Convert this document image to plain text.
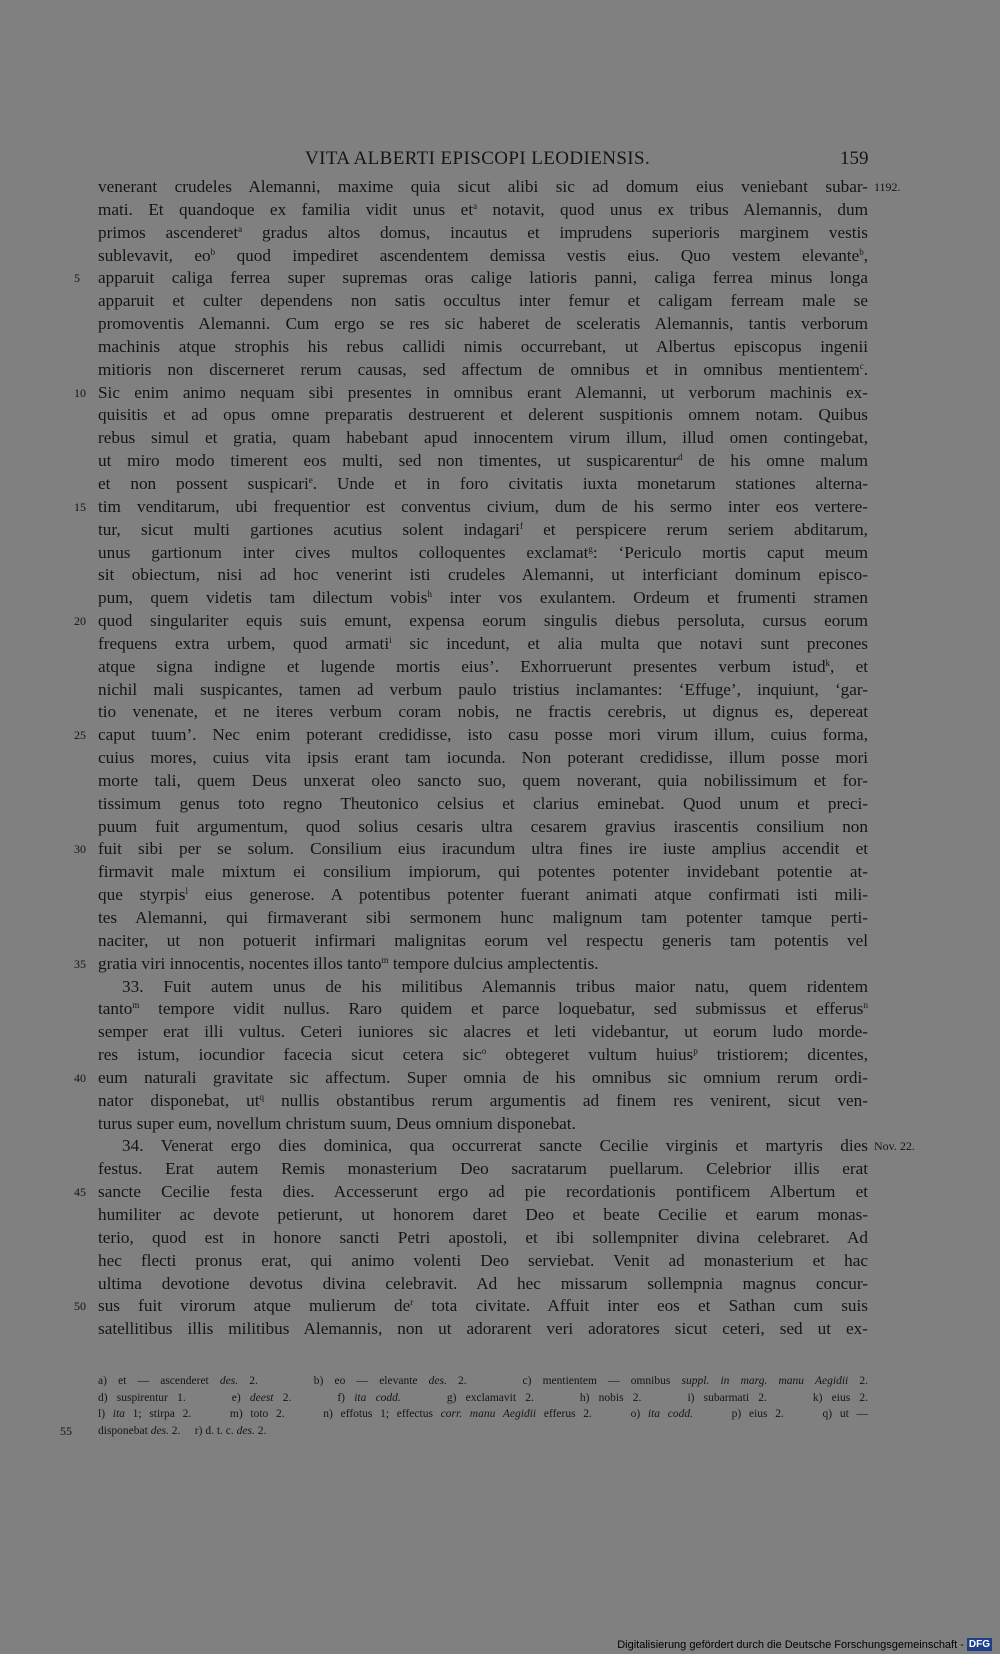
VITA ALBERTI EPISCOPI LEODIENSIS.	159
venerant crudeles Alemanni, maxime quia sicut alibi sic ad domum eius veniebant subar- 1192.
mati. Et quandoque ex familia vidit unus $et^a$ notavit, quod unus ex tribus Alemannis, dum
primos ascenderet$^a$ gradus altos domus, incautus et imprudens superioris marginem vestis
sublevavit, $eo^b$ quod impediret ascendentem demissa vestis eius. Quo vestem elevante$^b$,
5	apparuit caliga ferrea super supremas oras calige latioris panni, caliga ferrea minus longa
apparuit et culter dependens non satis occultus inter femur et caligam ferream male se
promoventis Alemanni. Cum ergo se res sic haberet de sceleratis Alemannis, tantis verborum
machinis atque strophis his rebus callidi nimis occurrebant, ut Albertus episcopus ingenii
mitioris non discerneret rerum causas, sed affectum de omnibus et in omnibus mentientem$^c$.
10 Sic enim animo nequam sibi presentes in omnibus erant Alemanni, ut verborum machinis ex-
quisitis et ad opus omne preparatis destruerent et delerent suspitionis omnem notam. Quibus
rebus simul et gratia, quam habebant apud innocentem virum illum, illud omen contingebat,
ut miro modo timerent eos multi, sed non timentes, ut suspicarentur$^d$ de his omne malum
et non possent suspicari$^e$. Unde et in foro civitatis iuxta monetarum stationes alterna-
15 tim venditarum, ubi frequentior est conventus civium, dum de his sermo inter eos vertere-
tur, sicut multi gartiones acutius solent indagari$^f$ et perspicere rerum seriem abditarum,
unus gartionum inter cives multos colloquentes exclamat$^g$: ‘Periculo mortis caput meum
sit obiectum, nisi ad hoc venerint isti crudeles Alemanni, ut interficiant dominum episco-
pum, quem videtis tam dilectum vobis$^h$ inter vos exulantem. Ordeum et frumenti stramen
20 quod singulariter equis suis emunt, expensa eorum singulis diebus persoluta, cursus eorum
frequens extra urbem, quod armati$^i$ sic incedunt, et alia multa que notavi sunt precones
atque signa indigne et lugende mortis eius’. Exhorruerunt presentes verbum istud$^k$, et
nichil mali suspicantes, tamen ad verbum paulo tristius inclamantes: ‘Effuge’, inquiunt, ‘gar-
tio venenate, et ne iteres verbum coram nobis, ne fractis cerebris, ut dignus es, depereat
25 caput tuum’. Nec enim poterant credidisse, isto casu posse mori virum illum, cuius forma,
cuius mores, cuius vita ipsis erant tam iocunda. Non poterant credidisse, illum posse mori
morte tali, quem Deus unxerat oleo sancto suo, quem noverant, quia nobilissimum et for-
tissimum genus toto regno Theutonico celsius et clarius eminebat. Quod unum et preci-
puum fuit argumentum, quod solius cesaris ultra cesarem gravius irascentis consilium non
30 fuit sibi per se solum. Consilium eius iracundum ultra fines ire iuste amplius accendit et
firmavit male mixtum ei consilium impiorum, qui potentes potenter invidebant potentie at-
que styrpis$^l$ eius generose. A potentibus potenter fuerant animati atque confirmati isti mili-
tes Alemanni, qui firmaverant sibi sermonem hunc malignum tam potenter tamque perti-
naciter, ut non potuerit infirmari malignitas eorum vel respectu generis tam potentis vel
35 gratia viri innocentis, nocentes illos tanto$^m$ tempore dulcius amplectentis.
33. Fuit autem unus de his militibus Alemannis tribus maior natu, quem ridentem
tanto$^m$ tempore vidit nullus. Raro quidem et parce loquebatur, sed submissus et efferus$^n$
semper erat illi vultus. Ceteri iuniores sic alacres et leti videbantur, ut eorum ludo morde-
res istum, iocundior facecia sicut cetera sic$^o$ obtegeret vultum huius$^p$ tristiorem; dicentes,
40 eum naturali gravitate sic affectum. Super omnia de his omnibus sic omnium rerum ordi-
nator disponebat, $ut^q$ nullis obstantibus rerum argumentis ad finem res venirent, sicut ven-
turus super eum, novellum christum suum, Deus omnium disponebat.
34. Venerat ergo dies dominica, qua occurrerat sancte Cecilie virginis et martyris dies Nov. 22.
festus. Erat autem Remis monasterium Deo sacratarum puellarum. Celebrior illis erat
45 sancte Cecilie festa dies. Accesserunt ergo ad pie recordationis pontificem Albertum et
humiliter ac devote petierunt, ut honorem daret Deo et beate Cecilie et earum monas-
terio, quod est in honore sancti Petri apostoli, et ibi sollempniter divina celebraret. Ad
hec flecti pronus erat, qui animo volenti Deo serviebat. Venit ad monasterium et hac
ultima devotione devotus divina celebravit. Ad hec missarum sollempnia magnus concur-
50 sus fuit virorum atque mulierum $de^r$ tota civitate. Affuit inter eos et Sathan cum suis
satellitibus illis militibus Alemannis, non ut adorarent veri adoratores sicut ceteri, sed ut ex-
a) et — ascenderet des. 2.     b) eo — elevante des. 2.     c) mentientem — omnibus suppl. in marg. manu Aegidii 2.
d) suspirentur 1.     e) deest 2.     f) ita codd.     g) exclamavit 2.     h) nobis 2.     i) subarmati 2.     k) eius 2.
l) ita 1; stirpa 2.     m) toto 2.     n) effotus 1; effectus corr. manu Aegidii efferus 2.     o) ita codd.     p) eius 2.     q) ut —
55	disponebat des. 2.     r) d. t. c. des. 2.
Digitalisierung gefördert durch die Deutsche Forschungsgemeinschaft - DFG
